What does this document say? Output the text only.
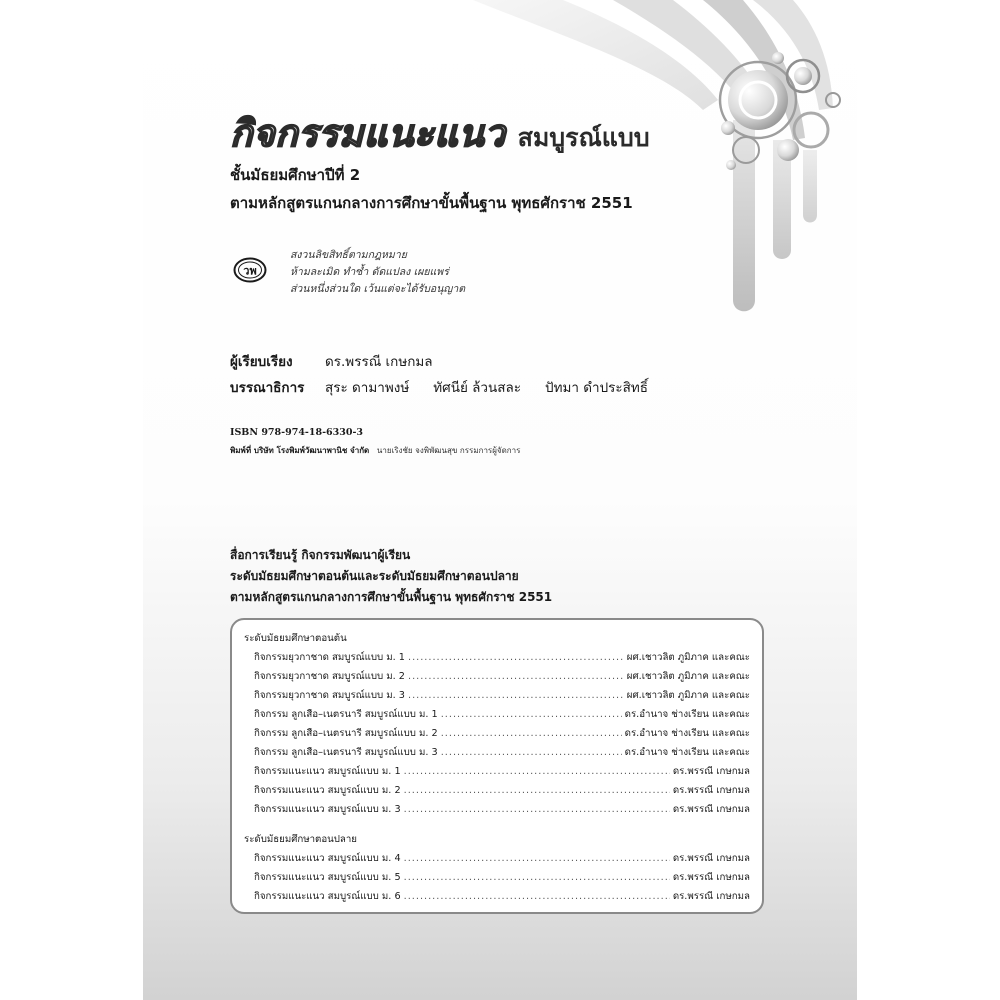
กิจกรรมแนะแนว สมบูรณ์แบบ
ชั้นมัธยมศึกษาปีที่ 2
ตามหลักสูตรแกนกลางการศึกษาขั้นพื้นฐาน พุทธศักราช 2551
วพ
สงวนลิขสิทธิ์ตามกฎหมาย
ห้ามละเมิด ทำซ้ำ ดัดแปลง เผยแพร่
ส่วนหนึ่งส่วนใด เว้นแต่จะได้รับอนุญาต
ผู้เรียบเรียง	ดร.พรรณี เกษกมล
บรรณาธิการ	สุระ ดามาพงษ์ ทัศนีย์ ล้วนสละ ปัทมา ดำประสิทธิ์
ISBN 978-974-18-6330-3
พิมพ์ที่ บริษัท โรงพิมพ์วัฒนาพานิช จำกัด นายเริงชัย จงพิพัฒนสุข กรรมการผู้จัดการ
สื่อการเรียนรู้ กิจกรรมพัฒนาผู้เรียน
ระดับมัธยมศึกษาตอนต้นและระดับมัธยมศึกษาตอนปลาย
ตามหลักสูตรแกนกลางการศึกษาขั้นพื้นฐาน พุทธศักราช 2551
ระดับมัธยมศึกษาตอนต้น
กิจกรรมยุวกาชาด สมบูรณ์แบบ ม. 1 .....	ผศ.เชาวลิต ภูมิภาค และคณะ
กิจกรรมยุวกาชาด สมบูรณ์แบบ ม. 2 .....	ผศ.เชาวลิต ภูมิภาค และคณะ
กิจกรรมยุวกาชาด สมบูรณ์แบบ ม. 3 .....	ผศ.เชาวลิต ภูมิภาค และคณะ
กิจกรรม ลูกเสือ–เนตรนารี สมบูรณ์แบบ ม. 1 .....	ดร.อำนาจ ช่างเรียน และคณะ
กิจกรรม ลูกเสือ–เนตรนารี สมบูรณ์แบบ ม. 2 .....	ดร.อำนาจ ช่างเรียน และคณะ
กิจกรรม ลูกเสือ–เนตรนารี สมบูรณ์แบบ ม. 3 .....	ดร.อำนาจ ช่างเรียน และคณะ
กิจกรรมแนะแนว สมบูรณ์แบบ ม. 1 .....	ดร.พรรณี เกษกมล
กิจกรรมแนะแนว สมบูรณ์แบบ ม. 2 .....	ดร.พรรณี เกษกมล
กิจกรรมแนะแนว สมบูรณ์แบบ ม. 3 .....	ดร.พรรณี เกษกมล
ระดับมัธยมศึกษาตอนปลาย
กิจกรรมแนะแนว สมบูรณ์แบบ ม. 4 .....	ดร.พรรณี เกษกมล
กิจกรรมแนะแนว สมบูรณ์แบบ ม. 5 .....	ดร.พรรณี เกษกมล
กิจกรรมแนะแนว สมบูรณ์แบบ ม. 6 .....	ดร.พรรณี เกษกมล
